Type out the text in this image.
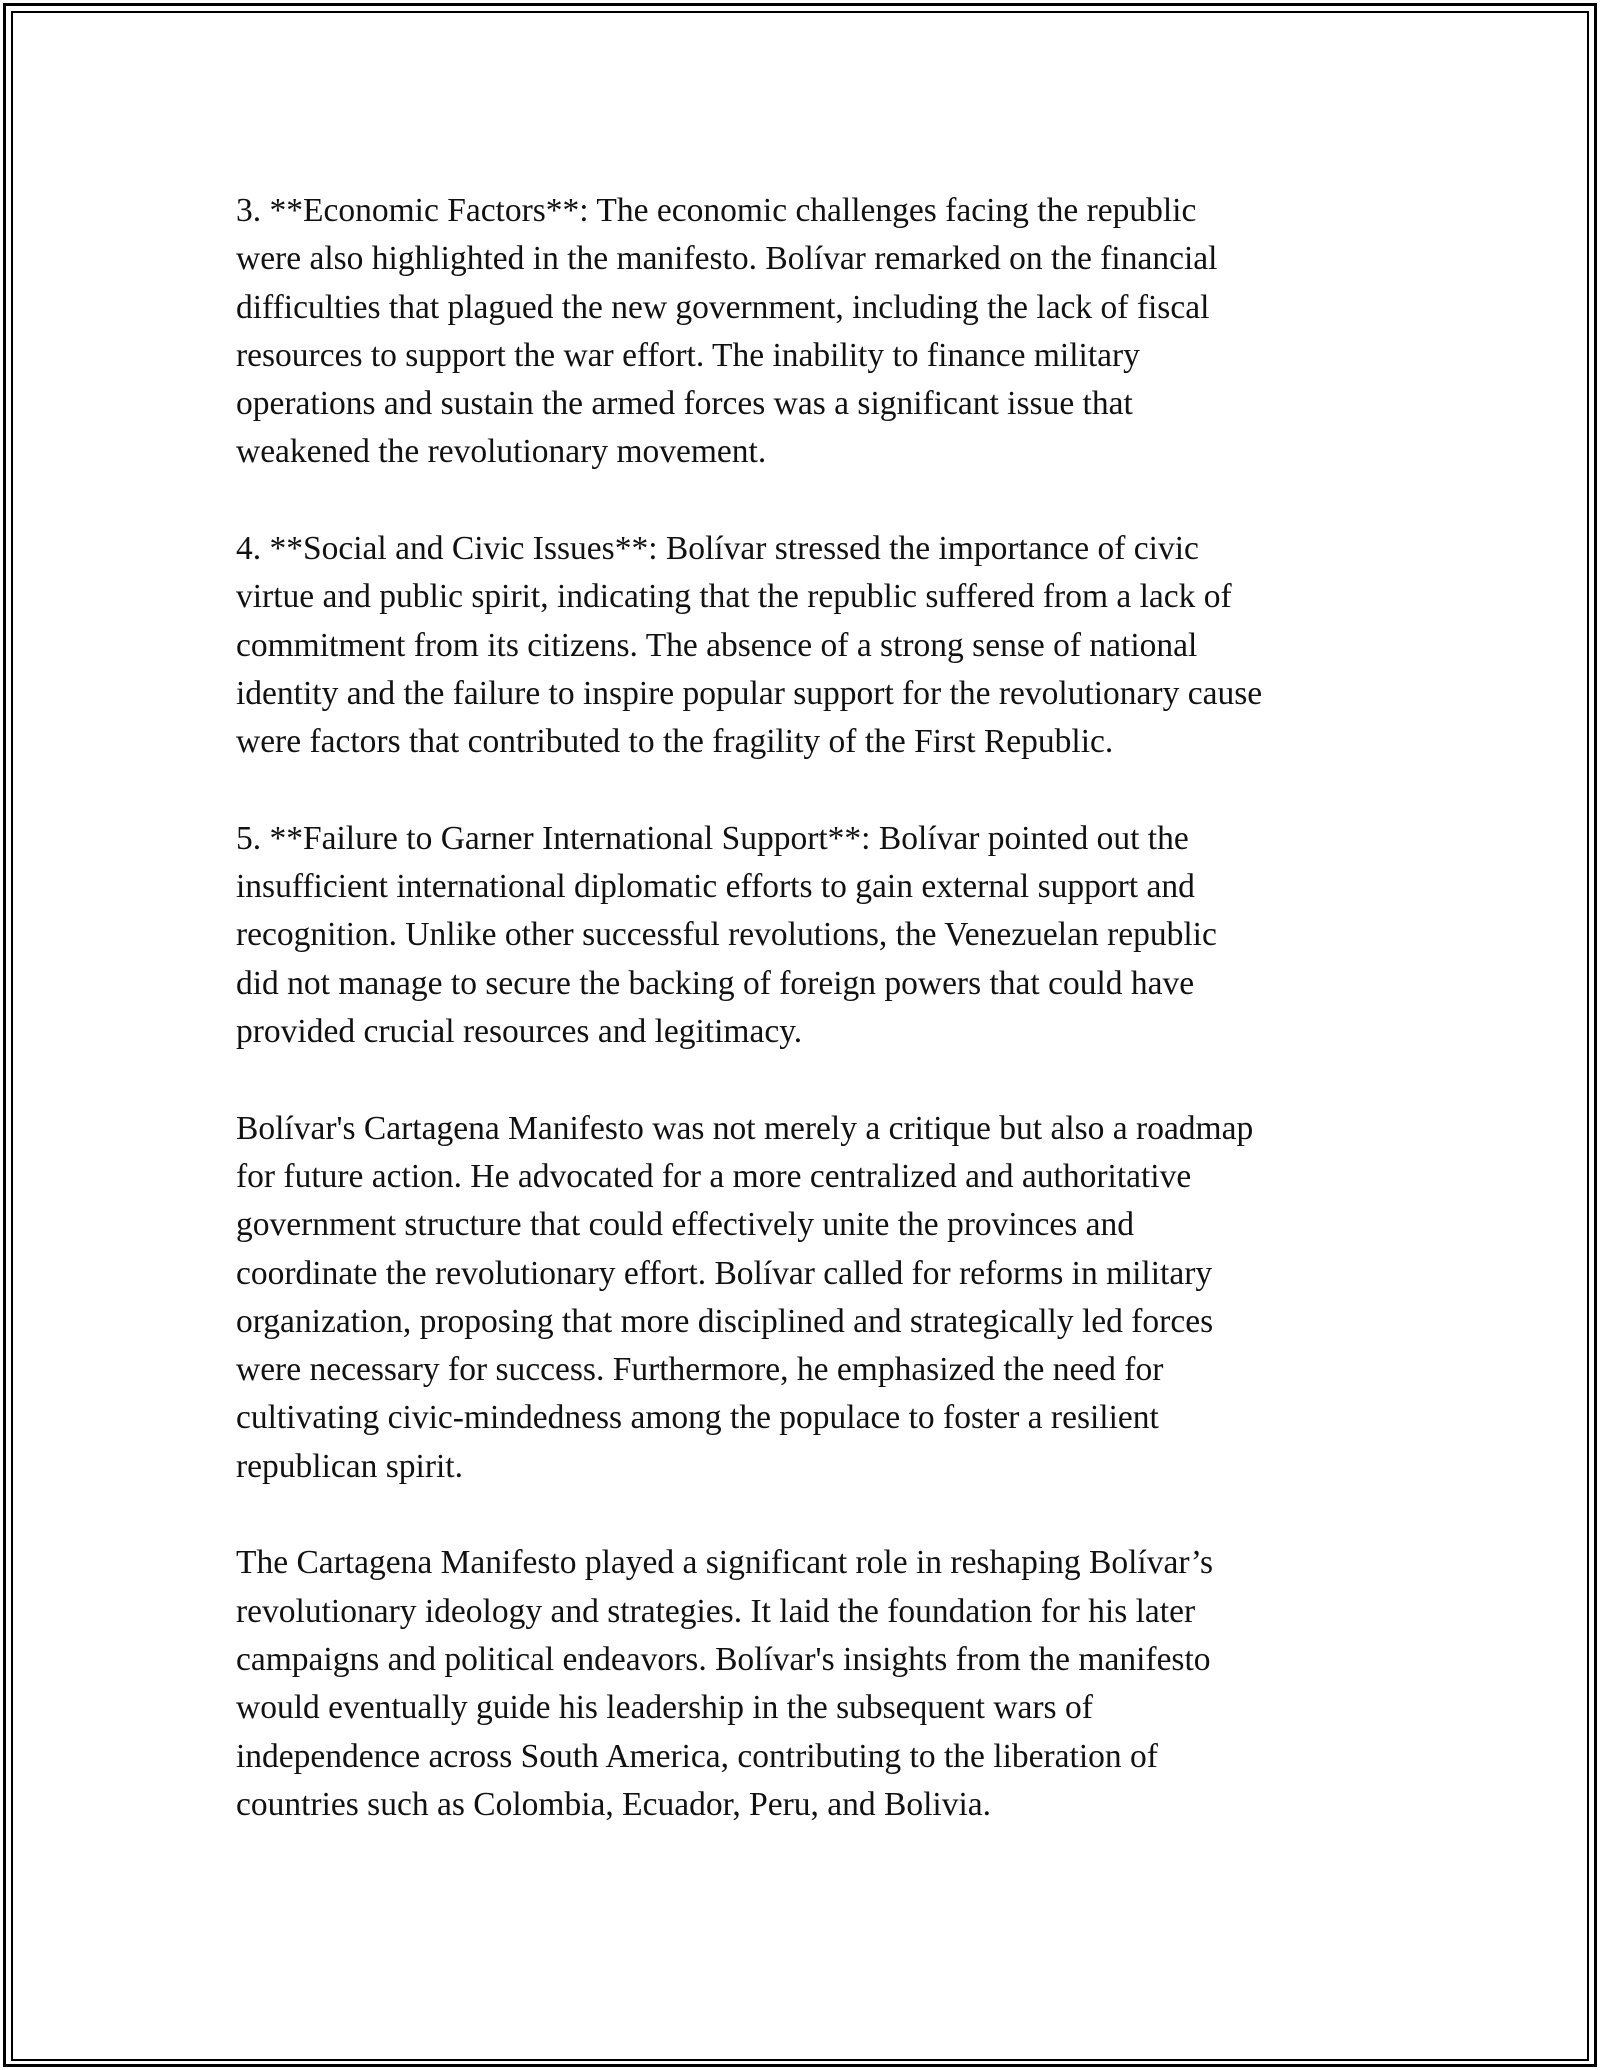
3. **Economic Factors**: The economic challenges facing the republic
were also highlighted in the manifesto. Bolívar remarked on the financial
difficulties that plagued the new government, including the lack of fiscal
resources to support the war effort. The inability to finance military
operations and sustain the armed forces was a significant issue that
weakened the revolutionary movement.

4. **Social and Civic Issues**: Bolívar stressed the importance of civic
virtue and public spirit, indicating that the republic suffered from a lack of
commitment from its citizens. The absence of a strong sense of national
identity and the failure to inspire popular support for the revolutionary cause
were factors that contributed to the fragility of the First Republic.

5. **Failure to Garner International Support**: Bolívar pointed out the
insufficient international diplomatic efforts to gain external support and
recognition. Unlike other successful revolutions, the Venezuelan republic
did not manage to secure the backing of foreign powers that could have
provided crucial resources and legitimacy.

Bolívar's Cartagena Manifesto was not merely a critique but also a roadmap
for future action. He advocated for a more centralized and authoritative
government structure that could effectively unite the provinces and
coordinate the revolutionary effort. Bolívar called for reforms in military
organization, proposing that more disciplined and strategically led forces
were necessary for success. Furthermore, he emphasized the need for
cultivating civic-mindedness among the populace to foster a resilient
republican spirit.

The Cartagena Manifesto played a significant role in reshaping Bolívar’s
revolutionary ideology and strategies. It laid the foundation for his later
campaigns and political endeavors. Bolívar's insights from the manifesto
would eventually guide his leadership in the subsequent wars of
independence across South America, contributing to the liberation of
countries such as Colombia, Ecuador, Peru, and Bolivia.
